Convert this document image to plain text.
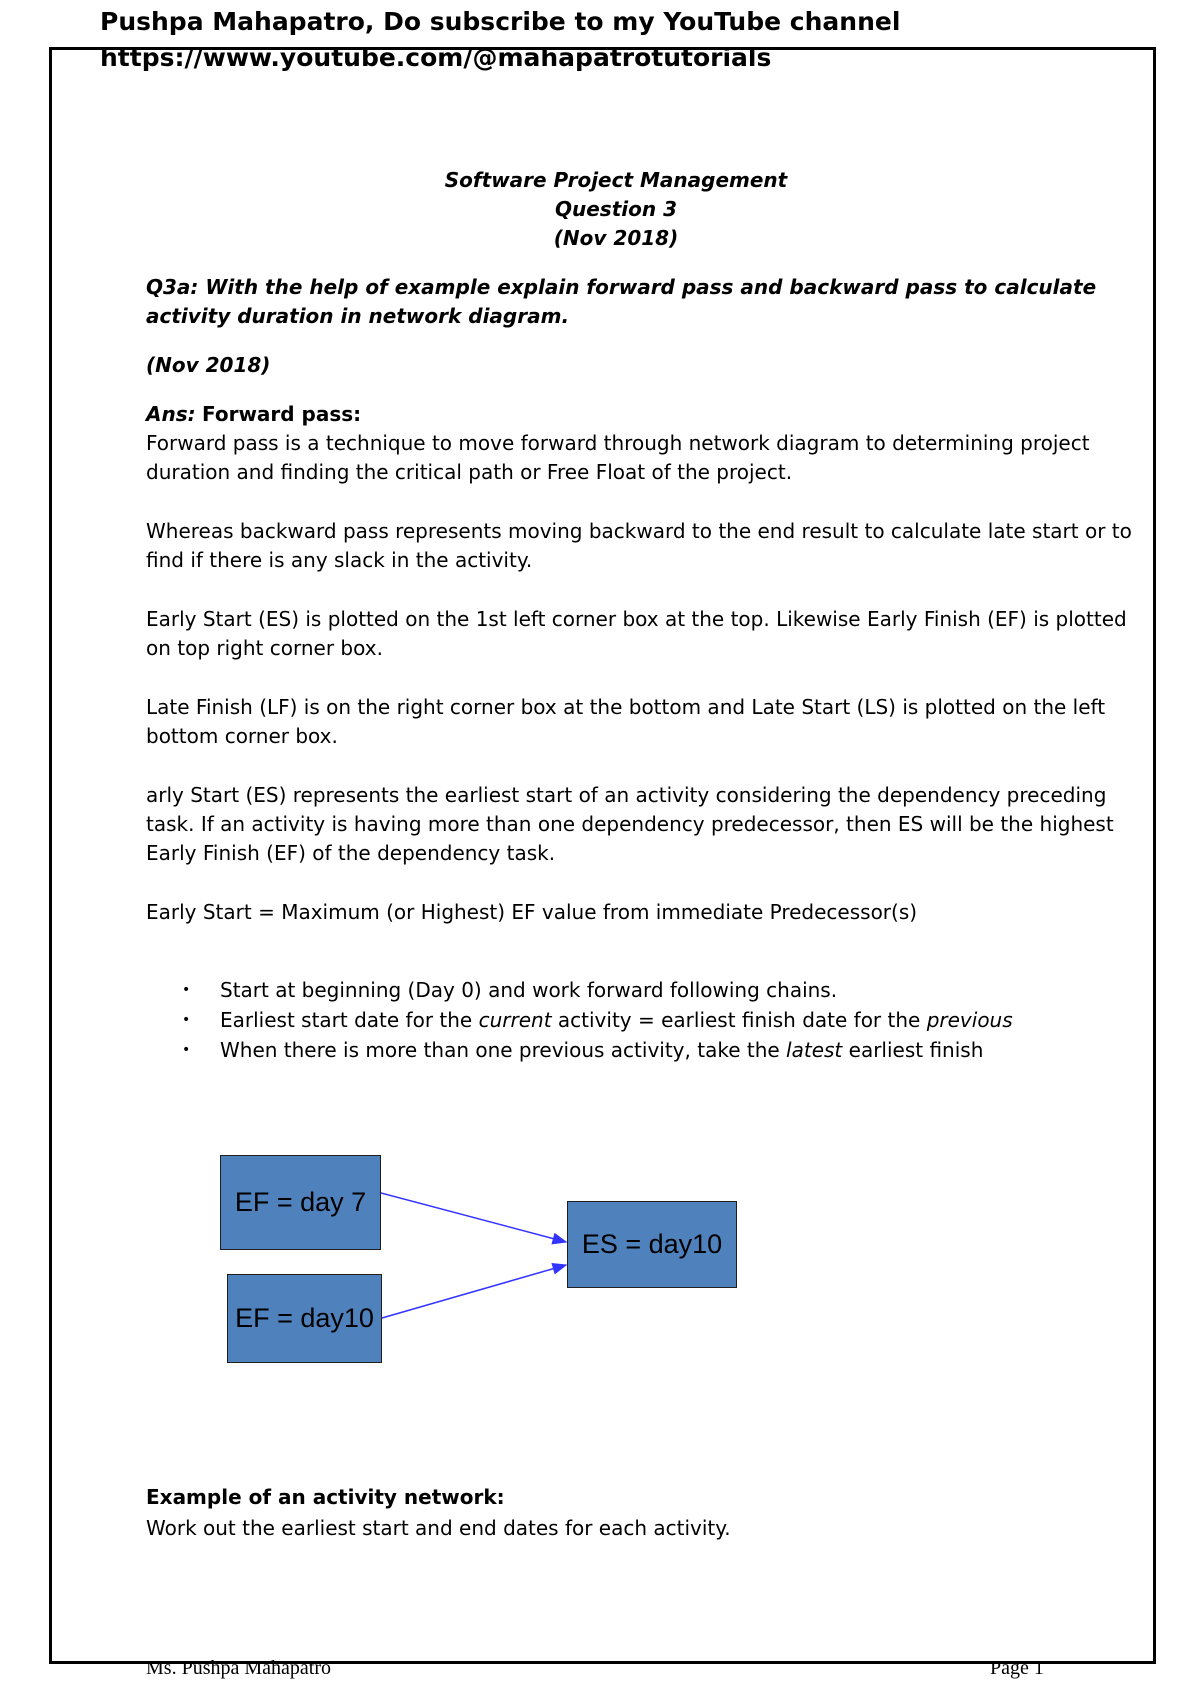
Pushpa Mahapatro, Do subscribe to my YouTube channel
https://www.youtube.com/@mahapatrotutorials
Software Project Management
Question 3
(Nov 2018)

Q3a: With the help of example explain forward pass and backward pass to calculate activity duration in network diagram.

(Nov 2018)

Ans: Forward pass:

Forward pass is a technique to move forward through network diagram to determining project duration and finding the critical path or Free Float of the project.

Whereas backward pass represents moving backward to the end result to calculate late start or to find if there is any slack in the activity.

Early Start (ES) is plotted on the 1st left corner box at the top. Likewise Early Finish (EF) is plotted on top right corner box.

Late Finish (LF) is on the right corner box at the bottom and Late Start (LS) is plotted on the left bottom corner box.

arly Start (ES) represents the earliest start of an activity considering the dependency preceding task. If an activity is having more than one dependency predecessor, then ES will be the highest Early Finish (EF) of the dependency task.

Early Start = Maximum (or Highest) EF value from immediate Predecessor(s)

• Start at beginning (Day 0) and work forward following chains.
• Earliest start date for the current activity = earliest finish date for the previous
• When there is more than one previous activity, take the latest earliest finish
EF = day 7
EF = day10
ES = day10
Example of an activity network:
Work out the earliest start and end dates for each activity.
Ms. Pushpa Mahapatro	Page 1
